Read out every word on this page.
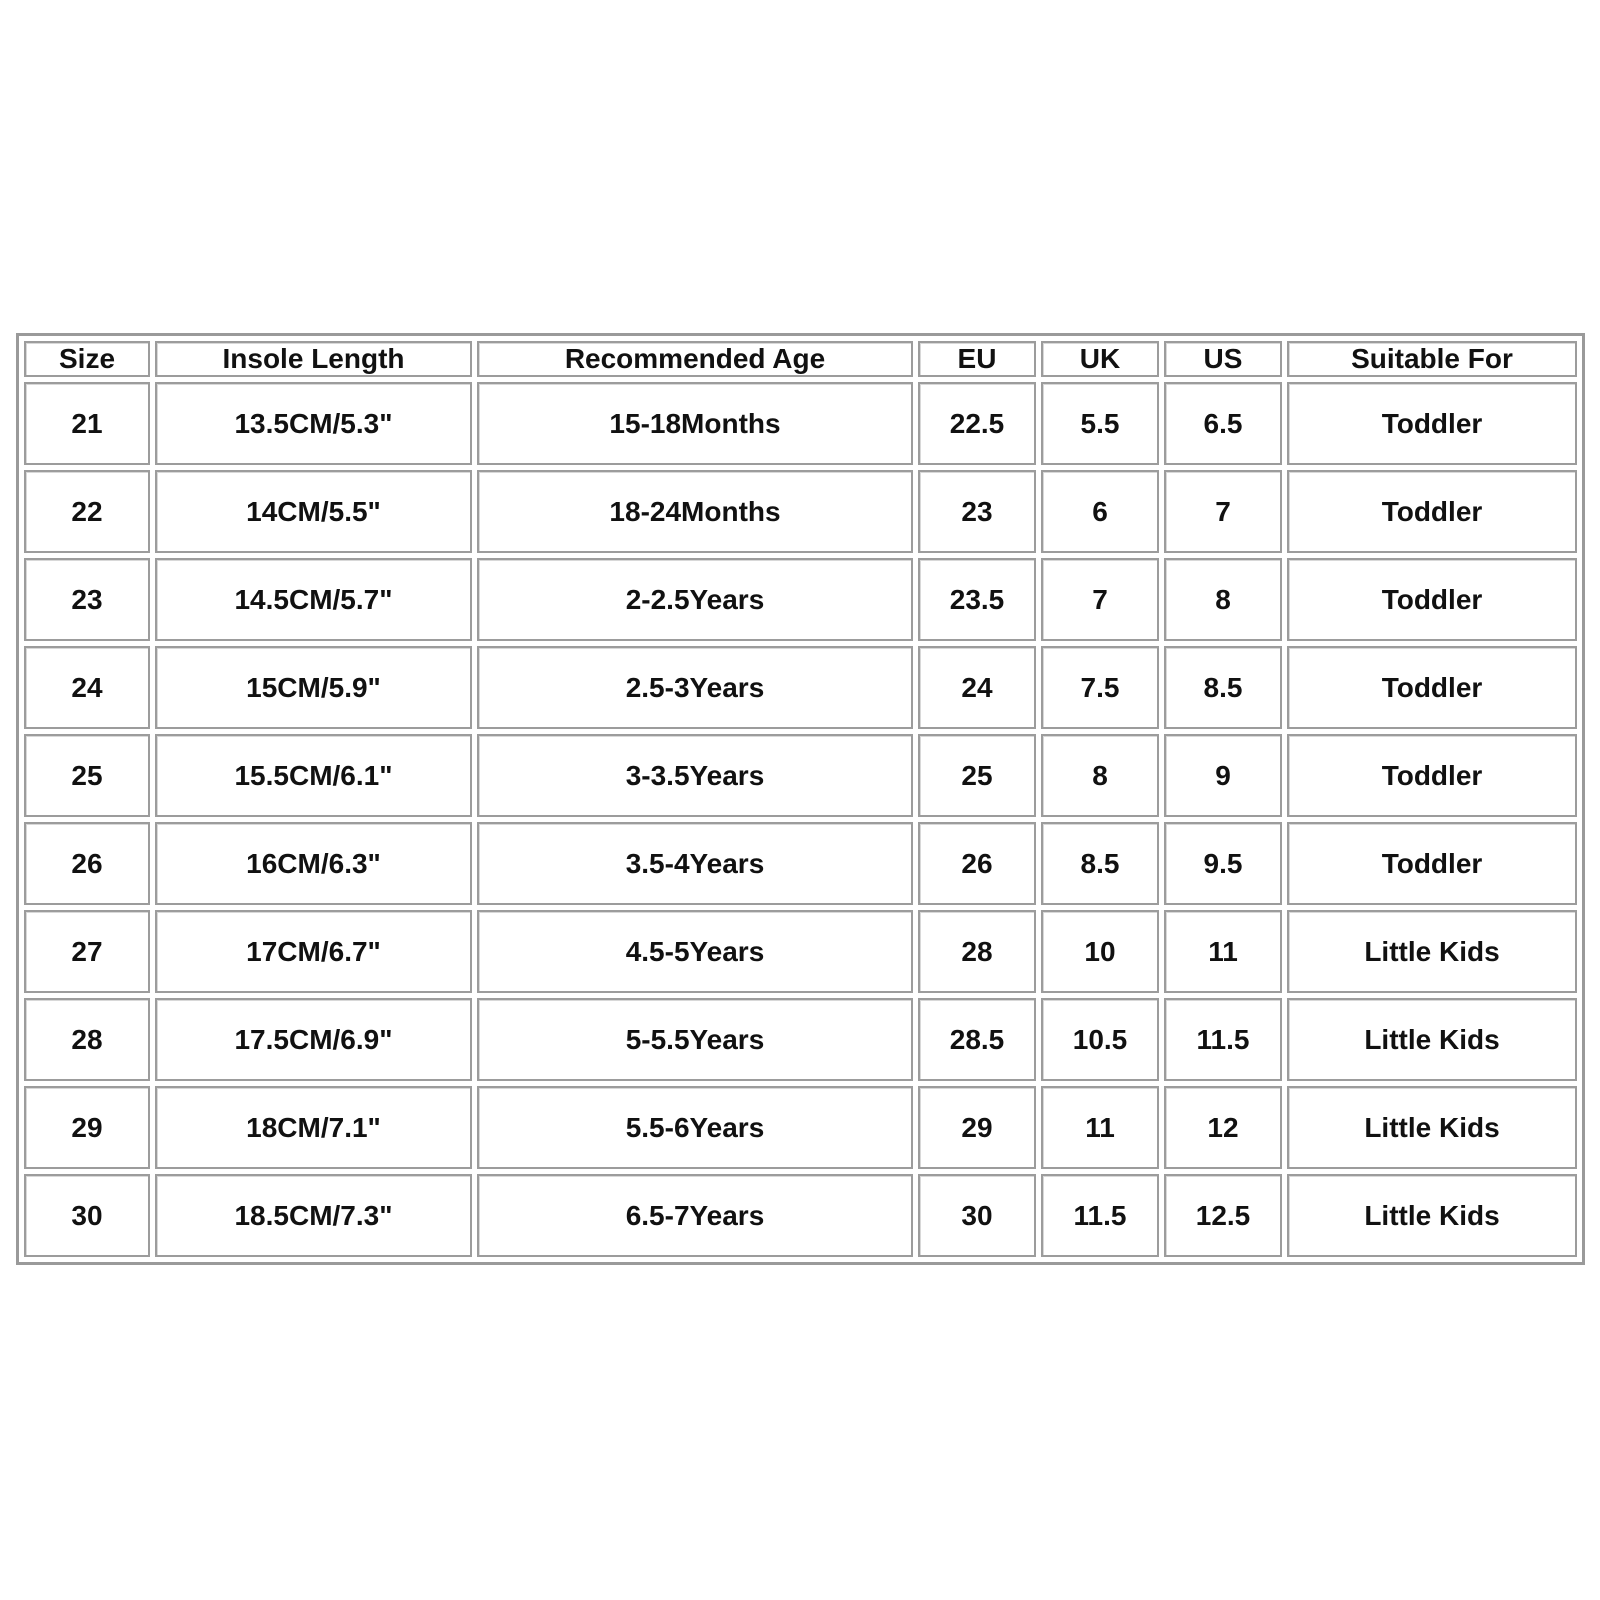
Size	Insole Length	Recommended Age	EU	UK	US	Suitable For
21	13.5CM/5.3"	15-18Months	22.5	5.5	6.5	Toddler
22	14CM/5.5"	18-24Months	23	6	7	Toddler
23	14.5CM/5.7"	2-2.5Years	23.5	7	8	Toddler
24	15CM/5.9"	2.5-3Years	24	7.5	8.5	Toddler
25	15.5CM/6.1"	3-3.5Years	25	8	9	Toddler
26	16CM/6.3"	3.5-4Years	26	8.5	9.5	Toddler
27	17CM/6.7"	4.5-5Years	28	10	11	Little Kids
28	17.5CM/6.9"	5-5.5Years	28.5	10.5	11.5	Little Kids
29	18CM/7.1"	5.5-6Years	29	11	12	Little Kids
30	18.5CM/7.3"	6.5-7Years	30	11.5	12.5	Little Kids
